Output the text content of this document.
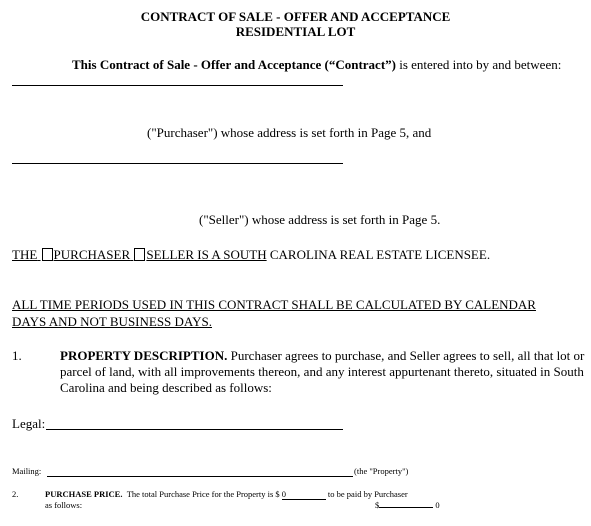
CONTRACT OF SALE - OFFER AND ACCEPTANCE
RESIDENTIAL LOT
This Contract of Sale - Offer and Acceptance (“Contract”) is entered into by and between:
("Purchaser") whose address is set forth in Page 5, and
("Seller") whose address is set forth in Page 5.
THE PURCHASER SELLER IS A SOUTH CAROLINA REAL ESTATE LICENSEE.
ALL TIME PERIODS USED IN THIS CONTRACT SHALL BE CALCULATED BY CALENDAR
DAYS AND NOT BUSINESS DAYS.
1.	PROPERTY DESCRIPTION. Purchaser agrees to purchase, and Seller agrees to sell, all that lot or parcel of land, with all improvements thereon, and any interest appurtenant thereto, situated in South Carolina and being described as follows:
Legal:
Mailing:	(the "Property")
2.	PURCHASE PRICE. The total Purchase Price for the Property is $ 0	to be paid by Purchaser
as follows:	$	0
